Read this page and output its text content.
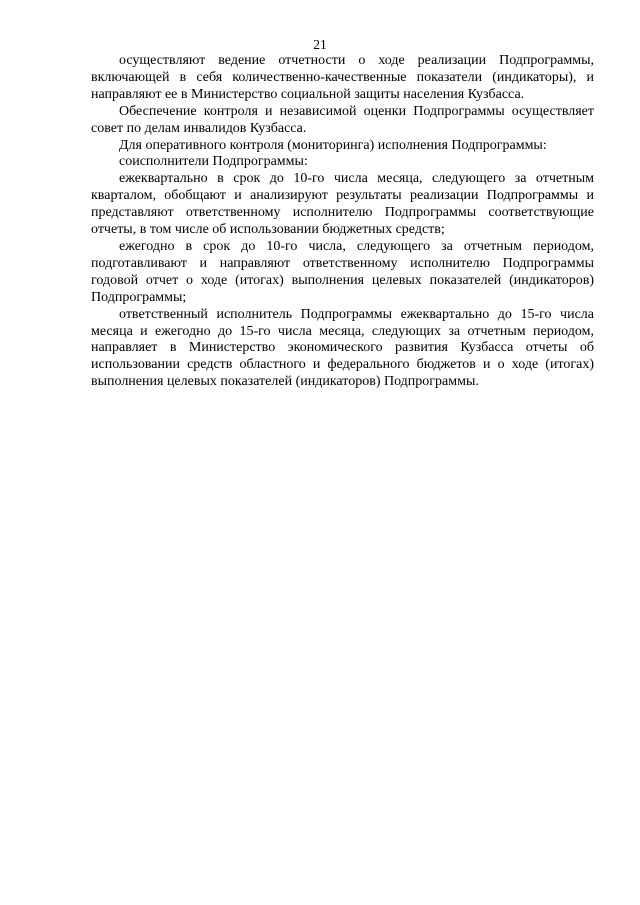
21

осуществляют ведение отчетности о ходе реализации Подпрограммы, включающей в себя количественно-качественные показатели (индикаторы), и направляют ее в Министерство социальной защиты населения Кузбасса.

Обеспечение контроля и независимой оценки Подпрограммы осуществляет совет по делам инвалидов Кузбасса.

Для оперативного контроля (мониторинга) исполнения Подпрограммы:

соисполнители Подпрограммы:

ежеквартально в срок до 10-го числа месяца, следующего за отчетным кварталом, обобщают и анализируют результаты реализации Подпрограммы и представляют ответственному исполнителю Подпрограммы соответствующие отчеты, в том числе об использовании бюджетных средств;

ежегодно в срок до 10-го числа, следующего за отчетным периодом, подготавливают и направляют ответственному исполнителю Подпрограммы годовой отчет о ходе (итогах) выполнения целевых показателей (индикаторов) Подпрограммы;

ответственный исполнитель Подпрограммы ежеквартально до 15-го числа месяца и ежегодно до 15-го числа месяца, следующих за отчетным периодом, направляет в Министерство экономического развития Кузбасса отчеты об использовании средств областного и федерального бюджетов и о ходе (итогах) выполнения целевых показателей (индикаторов) Подпрограммы.
